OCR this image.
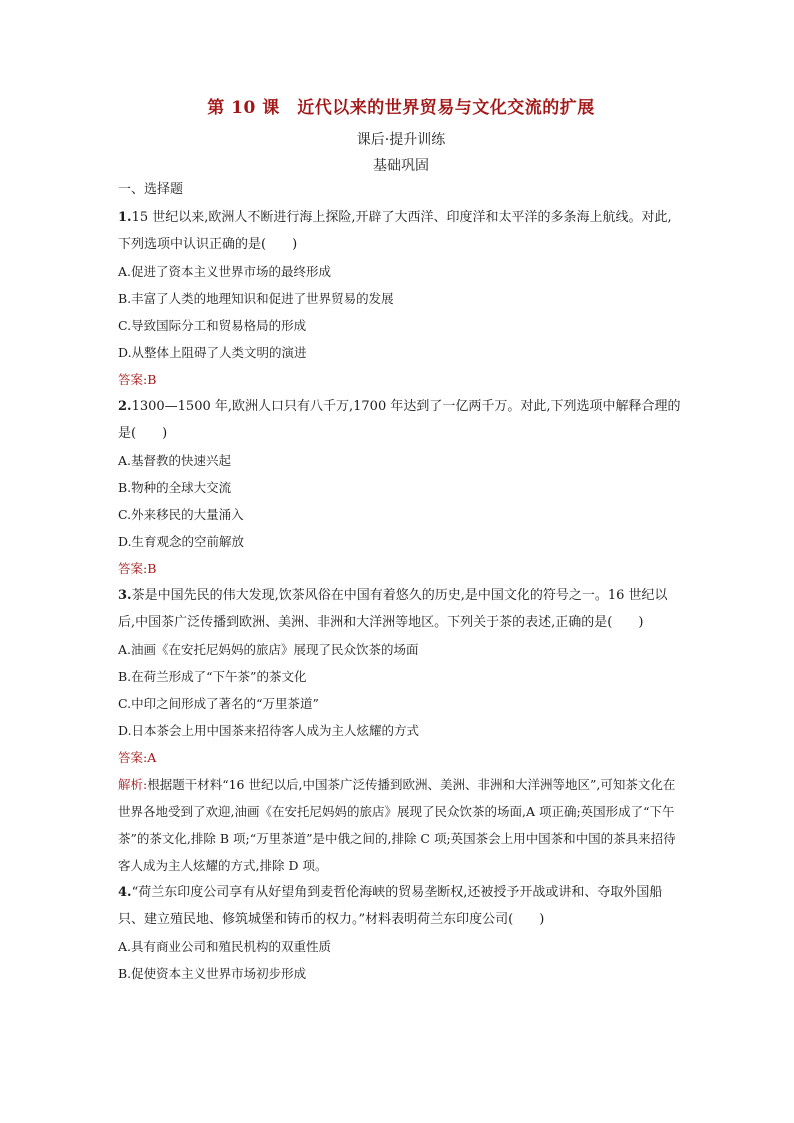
第 10 课　近代以来的世界贸易与文化交流的扩展

课后·提升训练

基础巩固

一、选择题

1.15 世纪以来,欧洲人不断进行海上探险,开辟了大西洋、印度洋和太平洋的多条海上航线。对此,下列选项中认识正确的是(　　)

A.促进了资本主义世界市场的最终形成

B.丰富了人类的地理知识和促进了世界贸易的发展

C.导致国际分工和贸易格局的形成

D.从整体上阻碍了人类文明的演进

答案:B

2.1300—1500 年,欧洲人口只有八千万,1700 年达到了一亿两千万。对此,下列选项中解释合理的是(　　)

A.基督教的快速兴起

B.物种的全球大交流

C.外来移民的大量涌入

D.生育观念的空前解放

答案:B

3.茶是中国先民的伟大发现,饮茶风俗在中国有着悠久的历史,是中国文化的符号之一。16 世纪以后,中国茶广泛传播到欧洲、美洲、非洲和大洋洲等地区。下列关于茶的表述,正确的是(　　)

A.油画《在安托尼妈妈的旅店》展现了民众饮茶的场面

B.在荷兰形成了“下午茶”的茶文化

C.中印之间形成了著名的“万里茶道”

D.日本茶会上用中国茶来招待客人成为主人炫耀的方式

答案:A

解析:根据题干材料“16 世纪以后,中国茶广泛传播到欧洲、美洲、非洲和大洋洲等地区”,可知茶文化在世界各地受到了欢迎,油画《在安托尼妈妈的旅店》展现了民众饮茶的场面,A 项正确;英国形成了“下午茶”的茶文化,排除 B 项;“万里茶道”是中俄之间的,排除 C 项;英国茶会上用中国茶和中国的茶具来招待客人成为主人炫耀的方式,排除 D 项。

4.“荷兰东印度公司享有从好望角到麦哲伦海峡的贸易垄断权,还被授予开战或讲和、夺取外国船只、建立殖民地、修筑城堡和铸币的权力。”材料表明荷兰东印度公司(　　)

A.具有商业公司和殖民机构的双重性质

B.促使资本主义世界市场初步形成
